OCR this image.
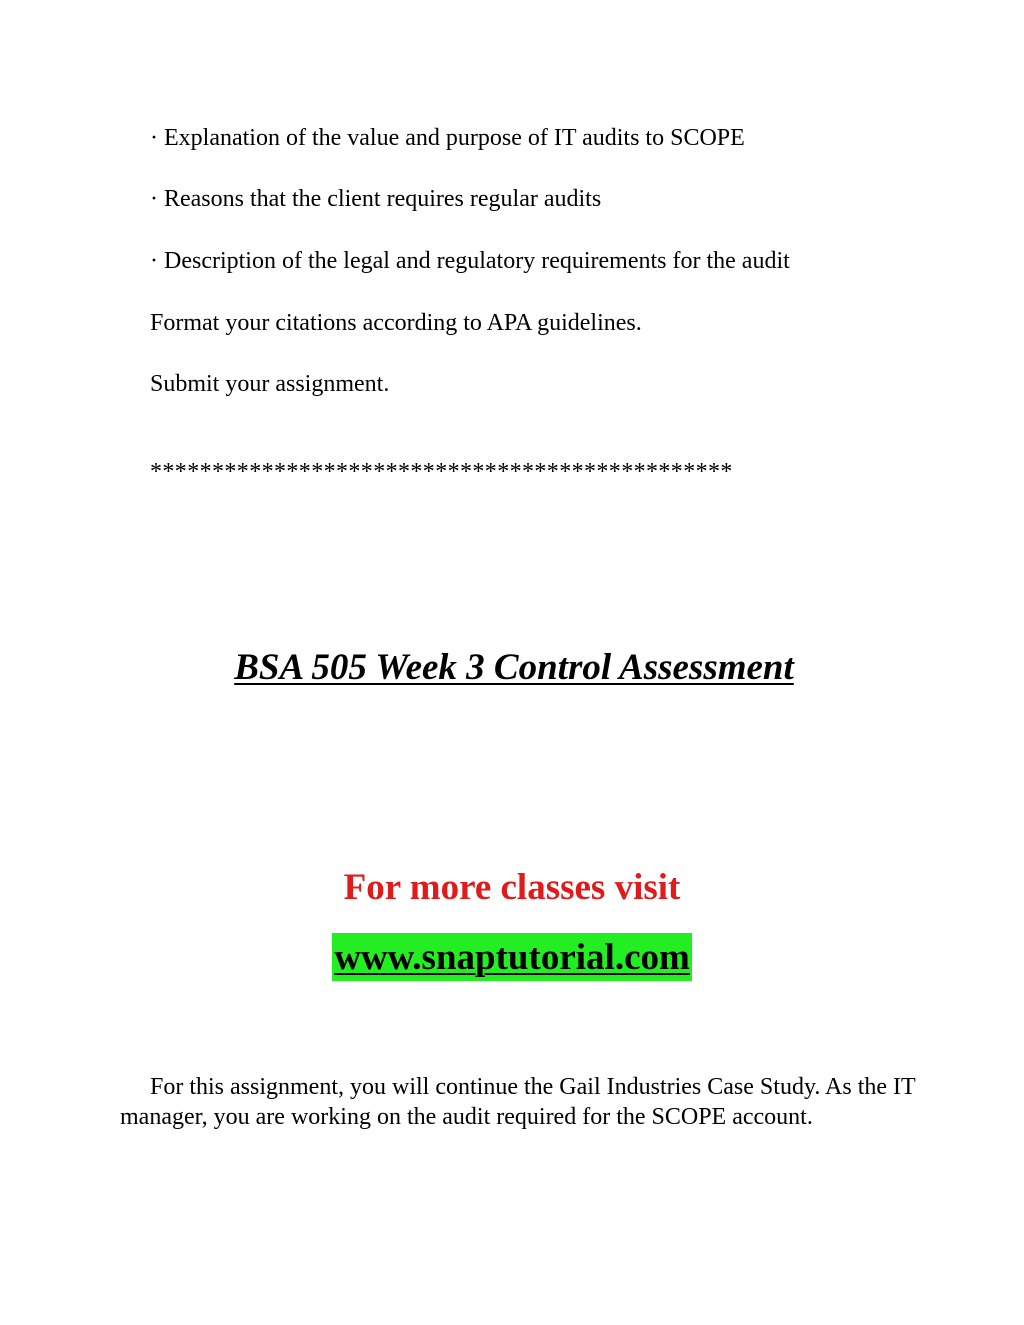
· Explanation of the value and purpose of IT audits to SCOPE
· Reasons that the client requires regular audits
· Description of the legal and regulatory requirements for the audit
Format your citations according to APA guidelines.
Submit your assignment.
***********************************************
BSA 505 Week 3 Control Assessment
For more classes visit
www.snaptutorial.com
For this assignment, you will continue the Gail Industries Case Study. As the IT manager, you are working on the audit required for the SCOPE account.
